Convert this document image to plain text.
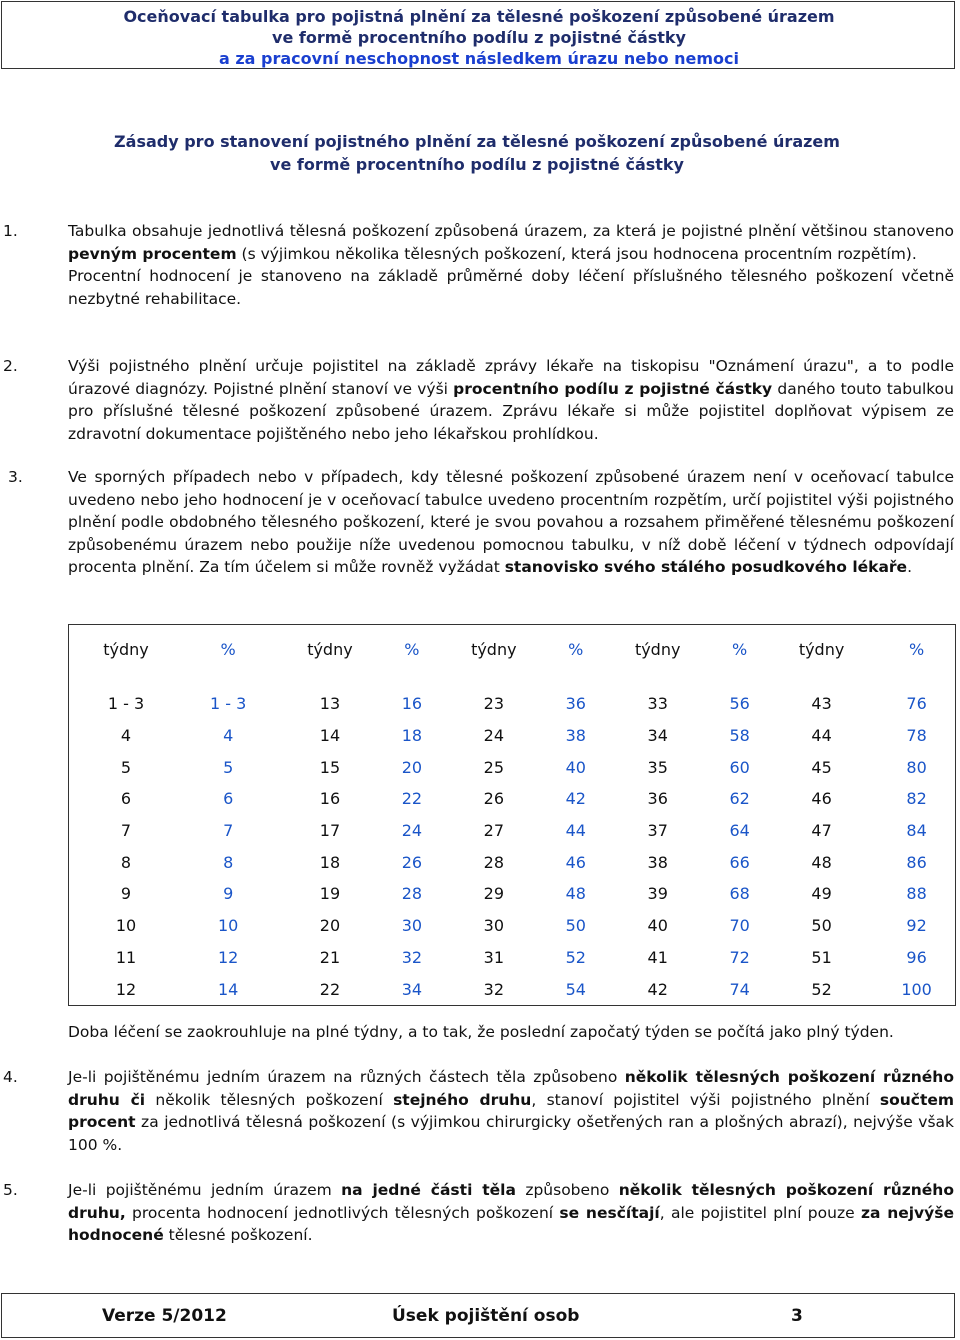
Oceňovací tabulka pro pojistná plnění za tělesné poškození způsobené úrazem
ve formě procentního podílu z pojistné částky
a za pracovní neschopnost následkem úrazu nebo nemoci
Zásady pro stanovení pojistného plnění za tělesné poškození způsobené úrazem
ve formě procentního podílu z pojistné částky
1.	Tabulka obsahuje jednotlivá tělesná poškození způsobená úrazem, za která je pojistné plnění většinou stanoveno pevným procentem (s výjimkou několika tělesných poškození, která jsou hodnocena procentním rozpětím).
Procentní hodnocení je stanoveno na základě průměrné doby léčení příslušného tělesného poškození včetně nezbytné rehabilitace.
2.	Výši pojistného plnění určuje pojistitel na základě zprávy lékaře na tiskopisu "Oznámení úrazu", a to podle úrazové diagnózy. Pojistné plnění stanoví ve výši procentního podílu z pojistné částky daného touto tabulkou pro příslušné tělesné poškození způsobené úrazem. Zprávu lékaře si může pojistitel doplňovat výpisem ze zdravotní dokumentace pojištěného nebo jeho lékařskou prohlídkou.
3.	Ve sporných případech nebo v případech, kdy tělesné poškození způsobené úrazem není v oceňovací tabulce uvedeno nebo jeho hodnocení je v oceňovací tabulce uvedeno procentním rozpětím, určí pojistitel výši pojistného plnění podle obdobného tělesného poškození, které je svou povahou a rozsahem přiměřené tělesnému poškození způsobenému úrazem nebo použije níže uvedenou pomocnou tabulku, v níž době léčení v týdnech odpovídají procenta plnění. Za tím účelem si může rovněž vyžádat stanovisko svého stálého posudkového lékaře.
týdny	%	týdny	%	týdny	%	týdny	%	týdny	%

1 - 3	1 - 3	13	16	23	36	33	56	43	76
4	4	14	18	24	38	34	58	44	78
5	5	15	20	25	40	35	60	45	80
6	6	16	22	26	42	36	62	46	82
7	7	17	24	27	44	37	64	47	84
8	8	18	26	28	46	38	66	48	86
9	9	19	28	29	48	39	68	49	88
10	10	20	30	30	50	40	70	50	92
11	12	21	32	31	52	41	72	51	96
12	14	22	34	32	54	42	74	52	100
Doba léčení se zaokrouhluje na plné týdny, a to tak, že poslední započatý týden se počítá jako plný týden.
4.	Je-li pojištěnému jedním úrazem na různých částech těla způsobeno několik tělesných poškození různého druhu či několik tělesných poškození stejného druhu, stanoví pojistitel výši pojistného plnění součtem procent za jednotlivá tělesná poškození (s výjimkou chirurgicky ošetřených ran a plošných abrazí), nejvýše však 100 %.
5.	Je-li pojištěnému jedním úrazem na jedné části těla způsobeno několik tělesných poškození různého druhu, procenta hodnocení jednotlivých tělesných poškození se nesčítají, ale pojistitel plní pouze za nejvýše hodnocené tělesné poškození.
Verze 5/2012	Úsek pojištění osob	3
